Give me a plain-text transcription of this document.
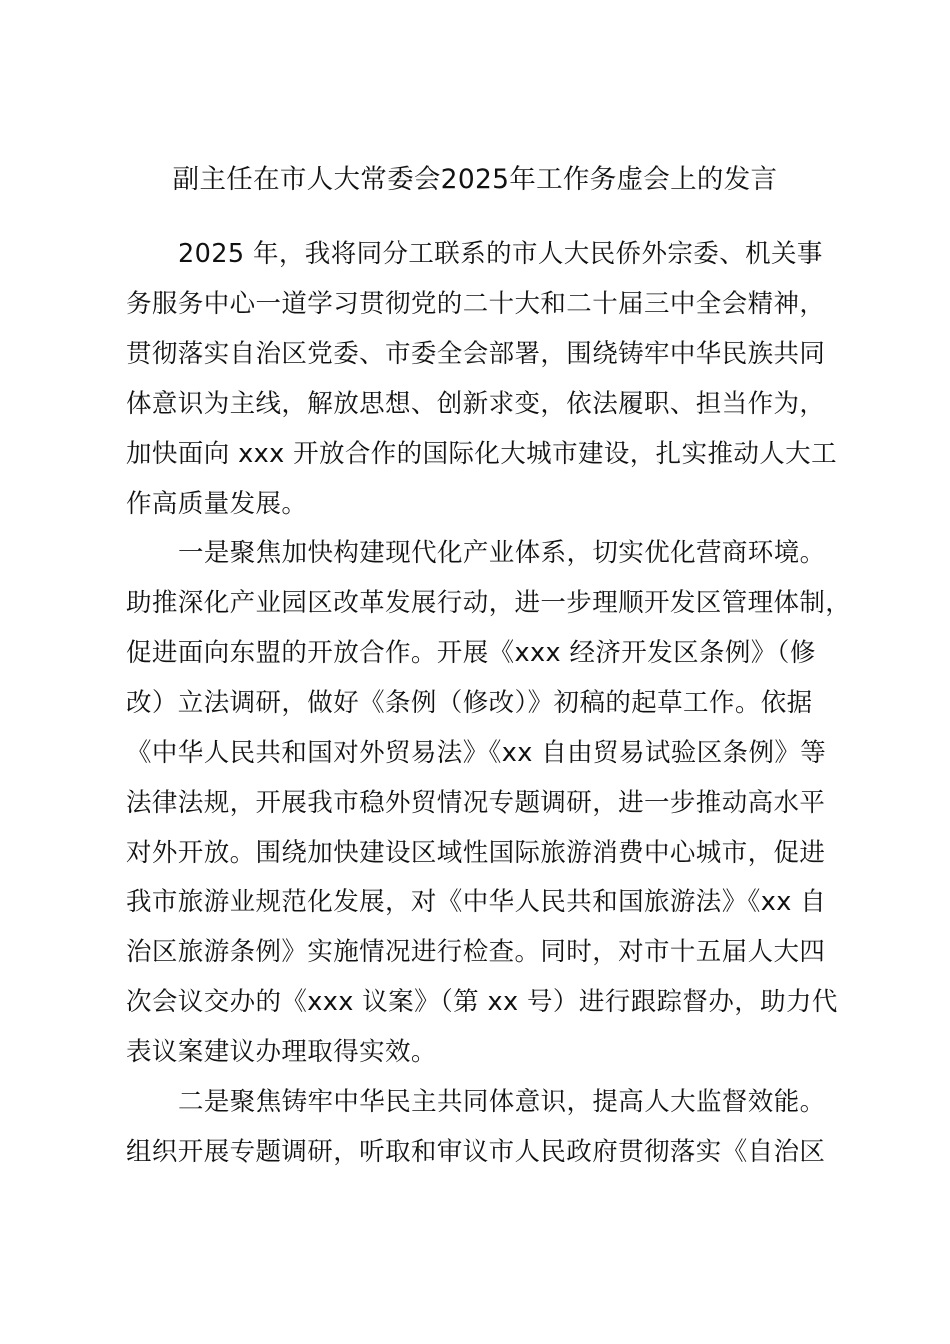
副主任在市人大常委会2025年工作务虚会上的发言
2025 年，我将同分工联系的市人大民侨外宗委、机关事
务服务中心一道学习贯彻党的二十大和二十届三中全会精神，
贯彻落实自治区党委、市委全会部署，围绕铸牢中华民族共同
体意识为主线，解放思想、创新求变，依法履职、担当作为，
加快面向 xxx 开放合作的国际化大城市建设，扎实推动人大工
作高质量发展。
一是聚焦加快构建现代化产业体系，切实优化营商环境。
助推深化产业园区改革发展行动，进一步理顺开发区管理体制，
促进面向东盟的开放合作。开展《xxx 经济开发区条例》（修
改）立法调研，做好《条例（修改）》初稿的起草工作。依据
《中华人民共和国对外贸易法》《xx 自由贸易试验区条例》等
法律法规，开展我市稳外贸情况专题调研，进一步推动高水平
对外开放。围绕加快建设区域性国际旅游消费中心城市，促进
我市旅游业规范化发展，对《中华人民共和国旅游法》《xx 自
治区旅游条例》实施情况进行检查。同时，对市十五届人大四
次会议交办的《xxx 议案》（第 xx 号）进行跟踪督办，助力代
表议案建议办理取得实效。
二是聚焦铸牢中华民主共同体意识，提高人大监督效能。
组织开展专题调研，听取和审议市人民政府贯彻落实《自治区
